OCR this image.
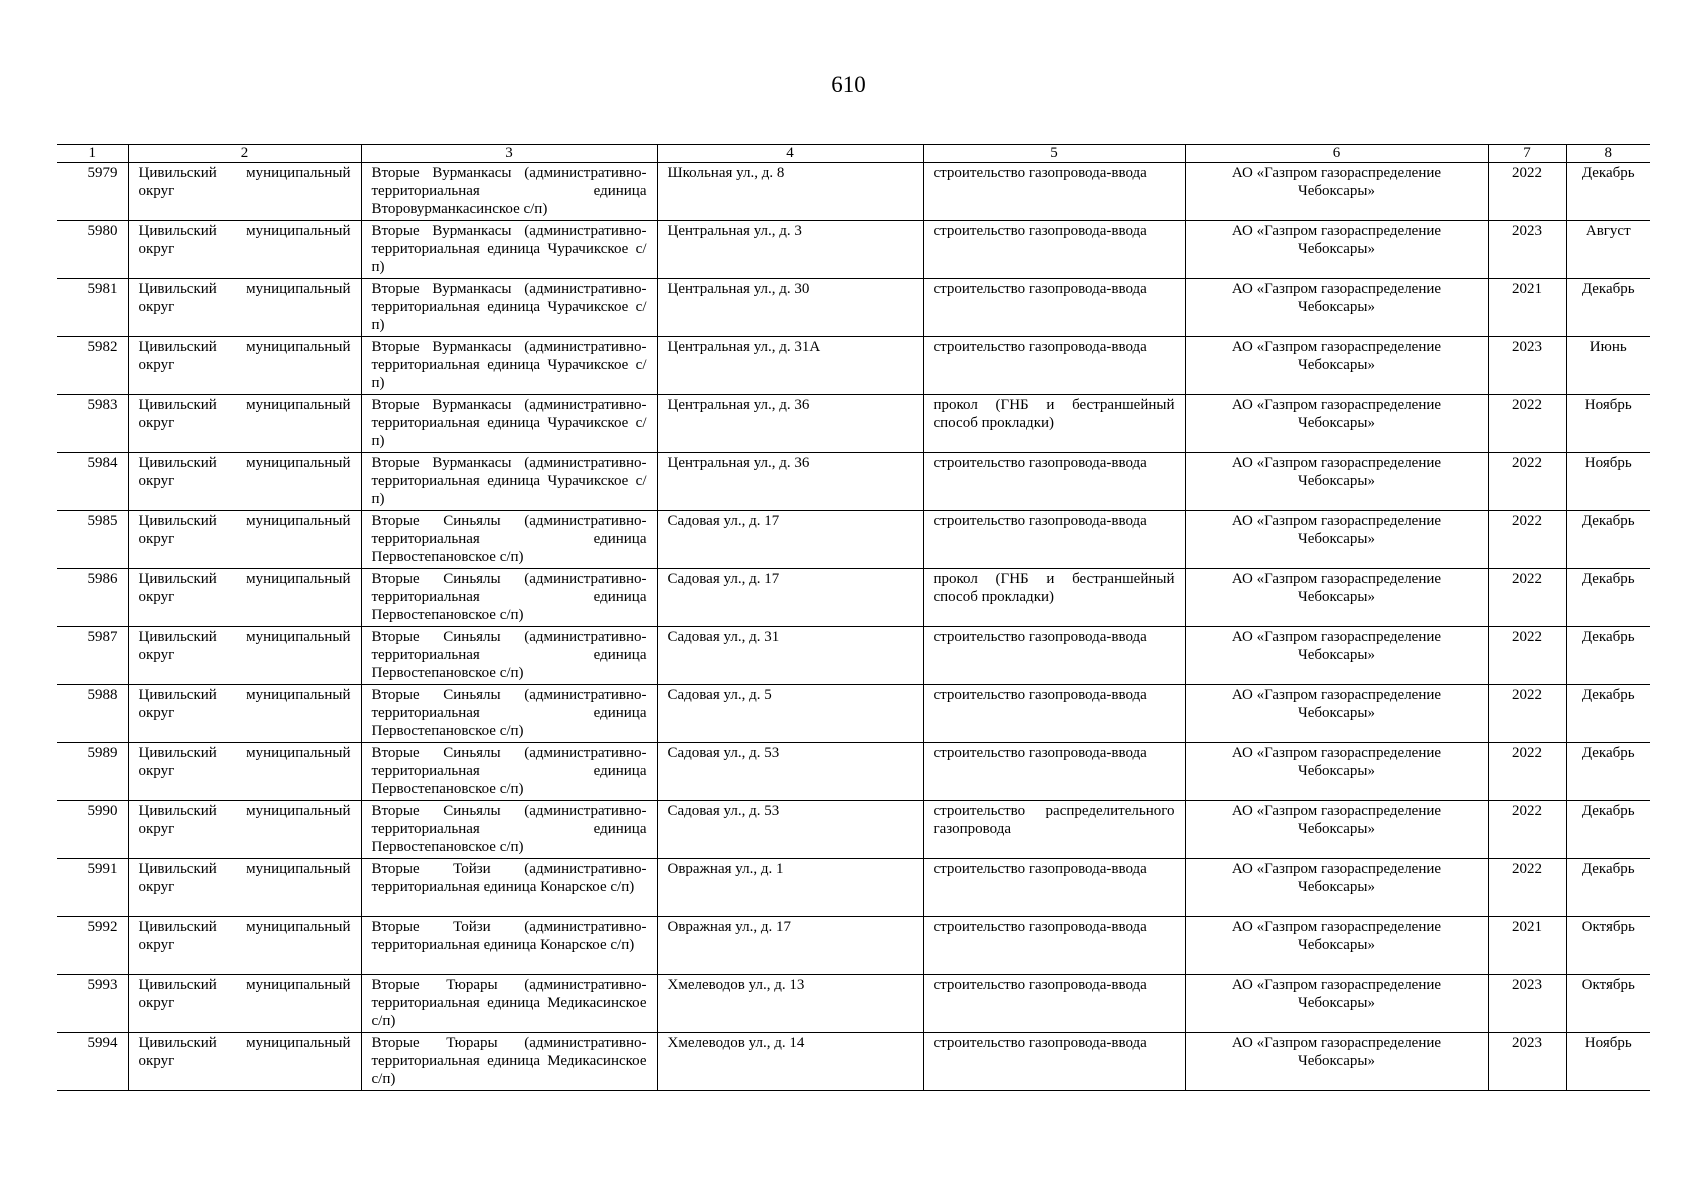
610
1	2	3	4	5	6	7	8
5979	Цивильский муниципальный округ	Вторые Вурманкасы (административно-территориальная единица Второвурманкасинское с/п)	Школьная ул., д. 8	строительство газопровода-ввода	АО «Газпром газораспределение Чебоксары»	2022	Декабрь
5980	Цивильский муниципальный округ	Вторые Вурманкасы (административно-территориальная единица Чурачикское с/п)	Центральная ул., д. 3	строительство газопровода-ввода	АО «Газпром газораспределение Чебоксары»	2023	Август
5981	Цивильский муниципальный округ	Вторые Вурманкасы (административно-территориальная единица Чурачикское с/п)	Центральная ул., д. 30	строительство газопровода-ввода	АО «Газпром газораспределение Чебоксары»	2021	Декабрь
5982	Цивильский муниципальный округ	Вторые Вурманкасы (административно-территориальная единица Чурачикское с/п)	Центральная ул., д. 31А	строительство газопровода-ввода	АО «Газпром газораспределение Чебоксары»	2023	Июнь
5983	Цивильский муниципальный округ	Вторые Вурманкасы (административно-территориальная единица Чурачикское с/п)	Центральная ул., д. 36	прокол (ГНБ и бестраншейный способ прокладки)	АО «Газпром газораспределение Чебоксары»	2022	Ноябрь
5984	Цивильский муниципальный округ	Вторые Вурманкасы (административно-территориальная единица Чурачикское с/п)	Центральная ул., д. 36	строительство газопровода-ввода	АО «Газпром газораспределение Чебоксары»	2022	Ноябрь
5985	Цивильский муниципальный округ	Вторые Синьялы (административно-территориальная единица Первостепановское с/п)	Садовая ул., д. 17	строительство газопровода-ввода	АО «Газпром газораспределение Чебоксары»	2022	Декабрь
5986	Цивильский муниципальный округ	Вторые Синьялы (административно-территориальная единица Первостепановское с/п)	Садовая ул., д. 17	прокол (ГНБ и бестраншейный способ прокладки)	АО «Газпром газораспределение Чебоксары»	2022	Декабрь
5987	Цивильский муниципальный округ	Вторые Синьялы (административно-территориальная единица Первостепановское с/п)	Садовая ул., д. 31	строительство газопровода-ввода	АО «Газпром газораспределение Чебоксары»	2022	Декабрь
5988	Цивильский муниципальный округ	Вторые Синьялы (административно-территориальная единица Первостепановское с/п)	Садовая ул., д. 5	строительство газопровода-ввода	АО «Газпром газораспределение Чебоксары»	2022	Декабрь
5989	Цивильский муниципальный округ	Вторые Синьялы (административно-территориальная единица Первостепановское с/п)	Садовая ул., д. 53	строительство газопровода-ввода	АО «Газпром газораспределение Чебоксары»	2022	Декабрь
5990	Цивильский муниципальный округ	Вторые Синьялы (административно-территориальная единица Первостепановское с/п)	Садовая ул., д. 53	строительство распределительного газопровода	АО «Газпром газораспределение Чебоксары»	2022	Декабрь
5991	Цивильский муниципальный округ	Вторые Тойзи (административно-территориальная единица Конарское с/п)	Овражная ул., д. 1	строительство газопровода-ввода	АО «Газпром газораспределение Чебоксары»	2022	Декабрь
5992	Цивильский муниципальный округ	Вторые Тойзи (административно-территориальная единица Конарское с/п)	Овражная ул., д. 17	строительство газопровода-ввода	АО «Газпром газораспределение Чебоксары»	2021	Октябрь
5993	Цивильский муниципальный округ	Вторые Тюрары (административно-территориальная единица Медикасинское с/п)	Хмелеводов ул., д. 13	строительство газопровода-ввода	АО «Газпром газораспределение Чебоксары»	2023	Октябрь
5994	Цивильский муниципальный округ	Вторые Тюрары (административно-территориальная единица Медикасинское с/п)	Хмелеводов ул., д. 14	строительство газопровода-ввода	АО «Газпром газораспределение Чебоксары»	2023	Ноябрь
